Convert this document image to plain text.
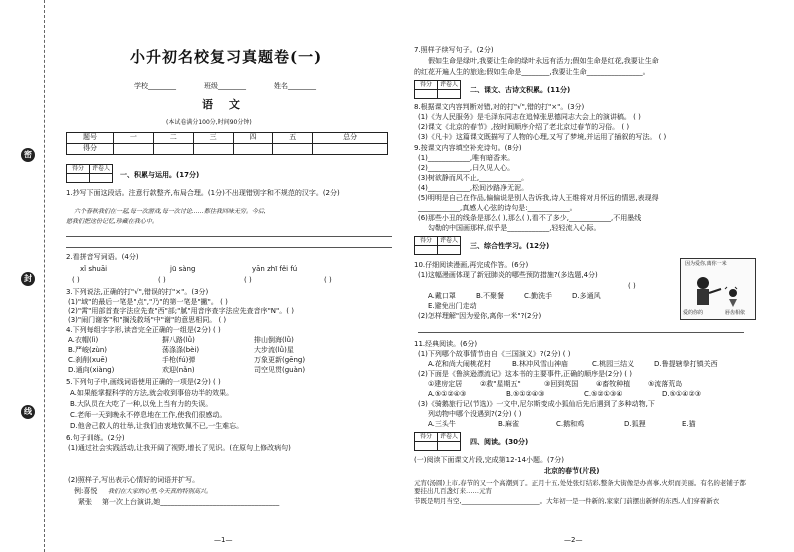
密
封
线
小升初名校复习真题卷(一)
学校________	班级________	姓名________
语 文
(本试卷满分100分,时间90分钟)
题号	一	二	三	四	五	总分
得分						
得分	评卷人

一、积累与运用。(17分)
1.抄写下面这段话。注意行款整齐,布局合理。(1分)不出现错别字和不规范的汉字。(2分)
六个春秋我们在一起,每一次游戏,每一次讨论……都往我回味无穷。今后,
愿我们把这份记忆,珍藏在我心中。
2.看拼音写词语。(4分)
xǐ shuāi	jū sàng	yān zhī fěi fú
( )	( )	( )	( )
3.下列说法,正确的打"√",错误的打"×"。(3分)
(1)"域"的最后一笔是"点","乃"的第一笔是"撇"。 ( )
(2)"霄"用部首查字法应先查"西"部;"腻"用音序查字法应先查音序"N"。( )
(3)"闹门谢客"和"搁浅救场"中"谢"的意思相同。 ( )
4.下列每组字字形,读音完全正确的一组是(2分) ( )
A.衣帽(lì)	摒八路(lǜ)	排山倒海(lǜ)
B.严峻(zùn)	荡涤涤(bèi)	大步流(lǜ)星
C.刹削(xuē)	手枪(fú)弹	万象更新(gēng)
D.通向(xiàng)	欢迎(nǎn)	司空见贯(guàn)
5.下列句子中,画线词语使用正确的一项是(2分) ( )
A.如果能掌握科学的方法,就会收到事倍功半的效果。
B.大队员在大吃了一种,以免上当有力的失误。
C.老师一天到晚永不停息地在工作,使我们很感动。
D.他舍己救人的壮举,让我们由衷地钦佩不已,一生难忘。
6.句子训练。(2分)
(1)通过社会实践活动,让我开阔了视野,增长了见识。(在原句上修改病句)
(2)照样子,写出表示心情好的词语并扩写。
例:喜悦 我们在大家的心里,今天真的特别高兴。
紧张 第一次上台演讲,她__________________________________
—1—
7.照样子续写句子。(2分)
假如生命是绿叶,我要让生命的绿叶永远有活力;假如生命是红花,我要让生命
的红花开遍人生的旅途;假如生命是________,我要让生命________________。
得分	评卷人

二、课文、古诗文积累。(11分)
8.根据课文内容判断对错,对的打"√",错的打"×"。(3分)
(1)《为人民服务》是毛泽东同志在追悼张思德同志大会上的演讲稿。 ( )
(2)课文《北京的春节》,按时间顺序介绍了老北京过春节的习俗。 ( )
(3)《凡卡》这篇课文既描写了人物的心理,又写了梦境,并运用了插叙的写法。 ( )
9.按课文内容填空补充诗句。(8分)
(1)____________,唯有暗香来。
(2)____________,曰久见人心。
(3)树欲静而风不止,____________。
(4)____________,松间沙路净无泥。
(5)明明是自己在作品,偏偏说是别人告诉我,诗人王维将对月怀远的情思,表现得
____________,真感人心弦的诗句是:____________。
(6)那些小丑的线条是那么( ),那么( ),看不了多少,____________,不用墨线
勾勒的中国画那样,似乎是____________,轻轻流入心际。
得分	评卷人

三、综合性学习。(12分)
10.仔细阅读漫画,再完成作答。(6分)
(1)这幅漫画体现了新冠肺炎的哪些预防措施?(多选题,4分)
( )
A.戴口罩	B.不聚餐	C.勤洗手	D.多通风
E.避免出门走动
(2)怎样理解"因为爱你,离你一米"?(2分)
因为爱你,离你一米
爱的你的	唇齿相依
11.经典阅读。(6分)
(1)下列哪个故事情节由自《三国演义》?(2分) ( )
A.花和尚大闹桃花村	B.林冲风雪山神庙	C.桃园三结义	D.鲁提辖拳打镇关西
(2)下面是《鲁滨逊漂流记》这本书的主要事件,正确的顺序是(2分) ( )
①建房定居	②救"星期五"	③回到英国	④畜牧种植	⑤流落荒岛
A.⑤①②④③	B.⑤①②④③	C.⑤②①③④	D.⑤①④②③
(3)《骑鹅旅行记(节选)》一文中,尼尔斯变成小狐仙后先后遇到了多种动物,下
列动物中哪个没遇到?(2分) ( )
A.三头牛	B.麻雀	C.鹅和鸡	D.狐狸	E.猫
得分	评卷人

四、阅读。(30分)
(一)阅读下面课文片段,完成第12-14小题。(7分)
北京的春节(片段)
元宵(汤圆)上市,春节的又一个高潮到了。正月十五,处处张灯结彩,整条大街像是办喜事,火炽而美丽。有名的老铺子都要挂出几百盏灯来……元宵
节既是明月当空,________________________。大年初一是一件新的,家家门前摆出新鲜的东西,人们穿着新衣
—2—
